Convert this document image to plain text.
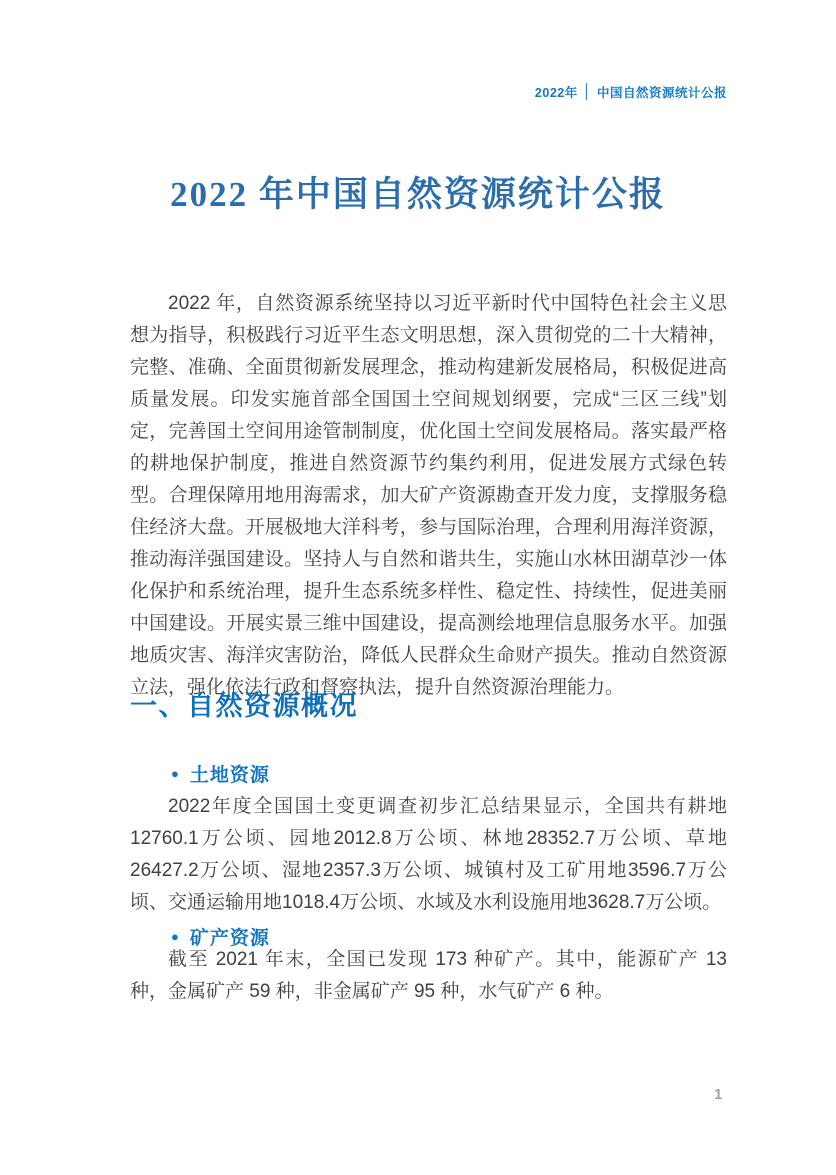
2022年 │ 中国自然资源统计公报
2022 年中国自然资源统计公报

2022 年，自然资源系统坚持以习近平新时代中国特色社会主义思想为指导，积极践行习近平生态文明思想，深入贯彻党的二十大精神，完整、准确、全面贯彻新发展理念，推动构建新发展格局，积极促进高质量发展。印发实施首部全国国土空间规划纲要，完成“三区三线”划定，完善国土空间用途管制制度，优化国土空间发展格局。落实最严格的耕地保护制度，推进自然资源节约集约利用，促进发展方式绿色转型。合理保障用地用海需求，加大矿产资源勘查开发力度，支撑服务稳住经济大盘。开展极地大洋科考，参与国际治理，合理利用海洋资源，推动海洋强国建设。坚持人与自然和谐共生，实施山水林田湖草沙一体化保护和系统治理，提升生态系统多样性、稳定性、持续性，促进美丽中国建设。开展实景三维中国建设，提高测绘地理信息服务水平。加强地质灾害、海洋灾害防治，降低人民群众生命财产损失。推动自然资源立法，强化依法行政和督察执法，提升自然资源治理能力。

一、自然资源概况
● 土地资源

2022年度全国国土变更调查初步汇总结果显示，全国共有耕地12760.1万公顷、园地2012.8万公顷、林地28352.7万公顷、草地26427.2万公顷、湿地2357.3万公顷、城镇村及工矿用地3596.7万公顷、交通运输用地1018.4万公顷、水域及水利设施用地3628.7万公顷。

● 矿产资源

截至 2021 年末，全国已发现 173 种矿产。其中，能源矿产 13 种，金属矿产 59 种，非金属矿产 95 种，水气矿产 6 种。

1
